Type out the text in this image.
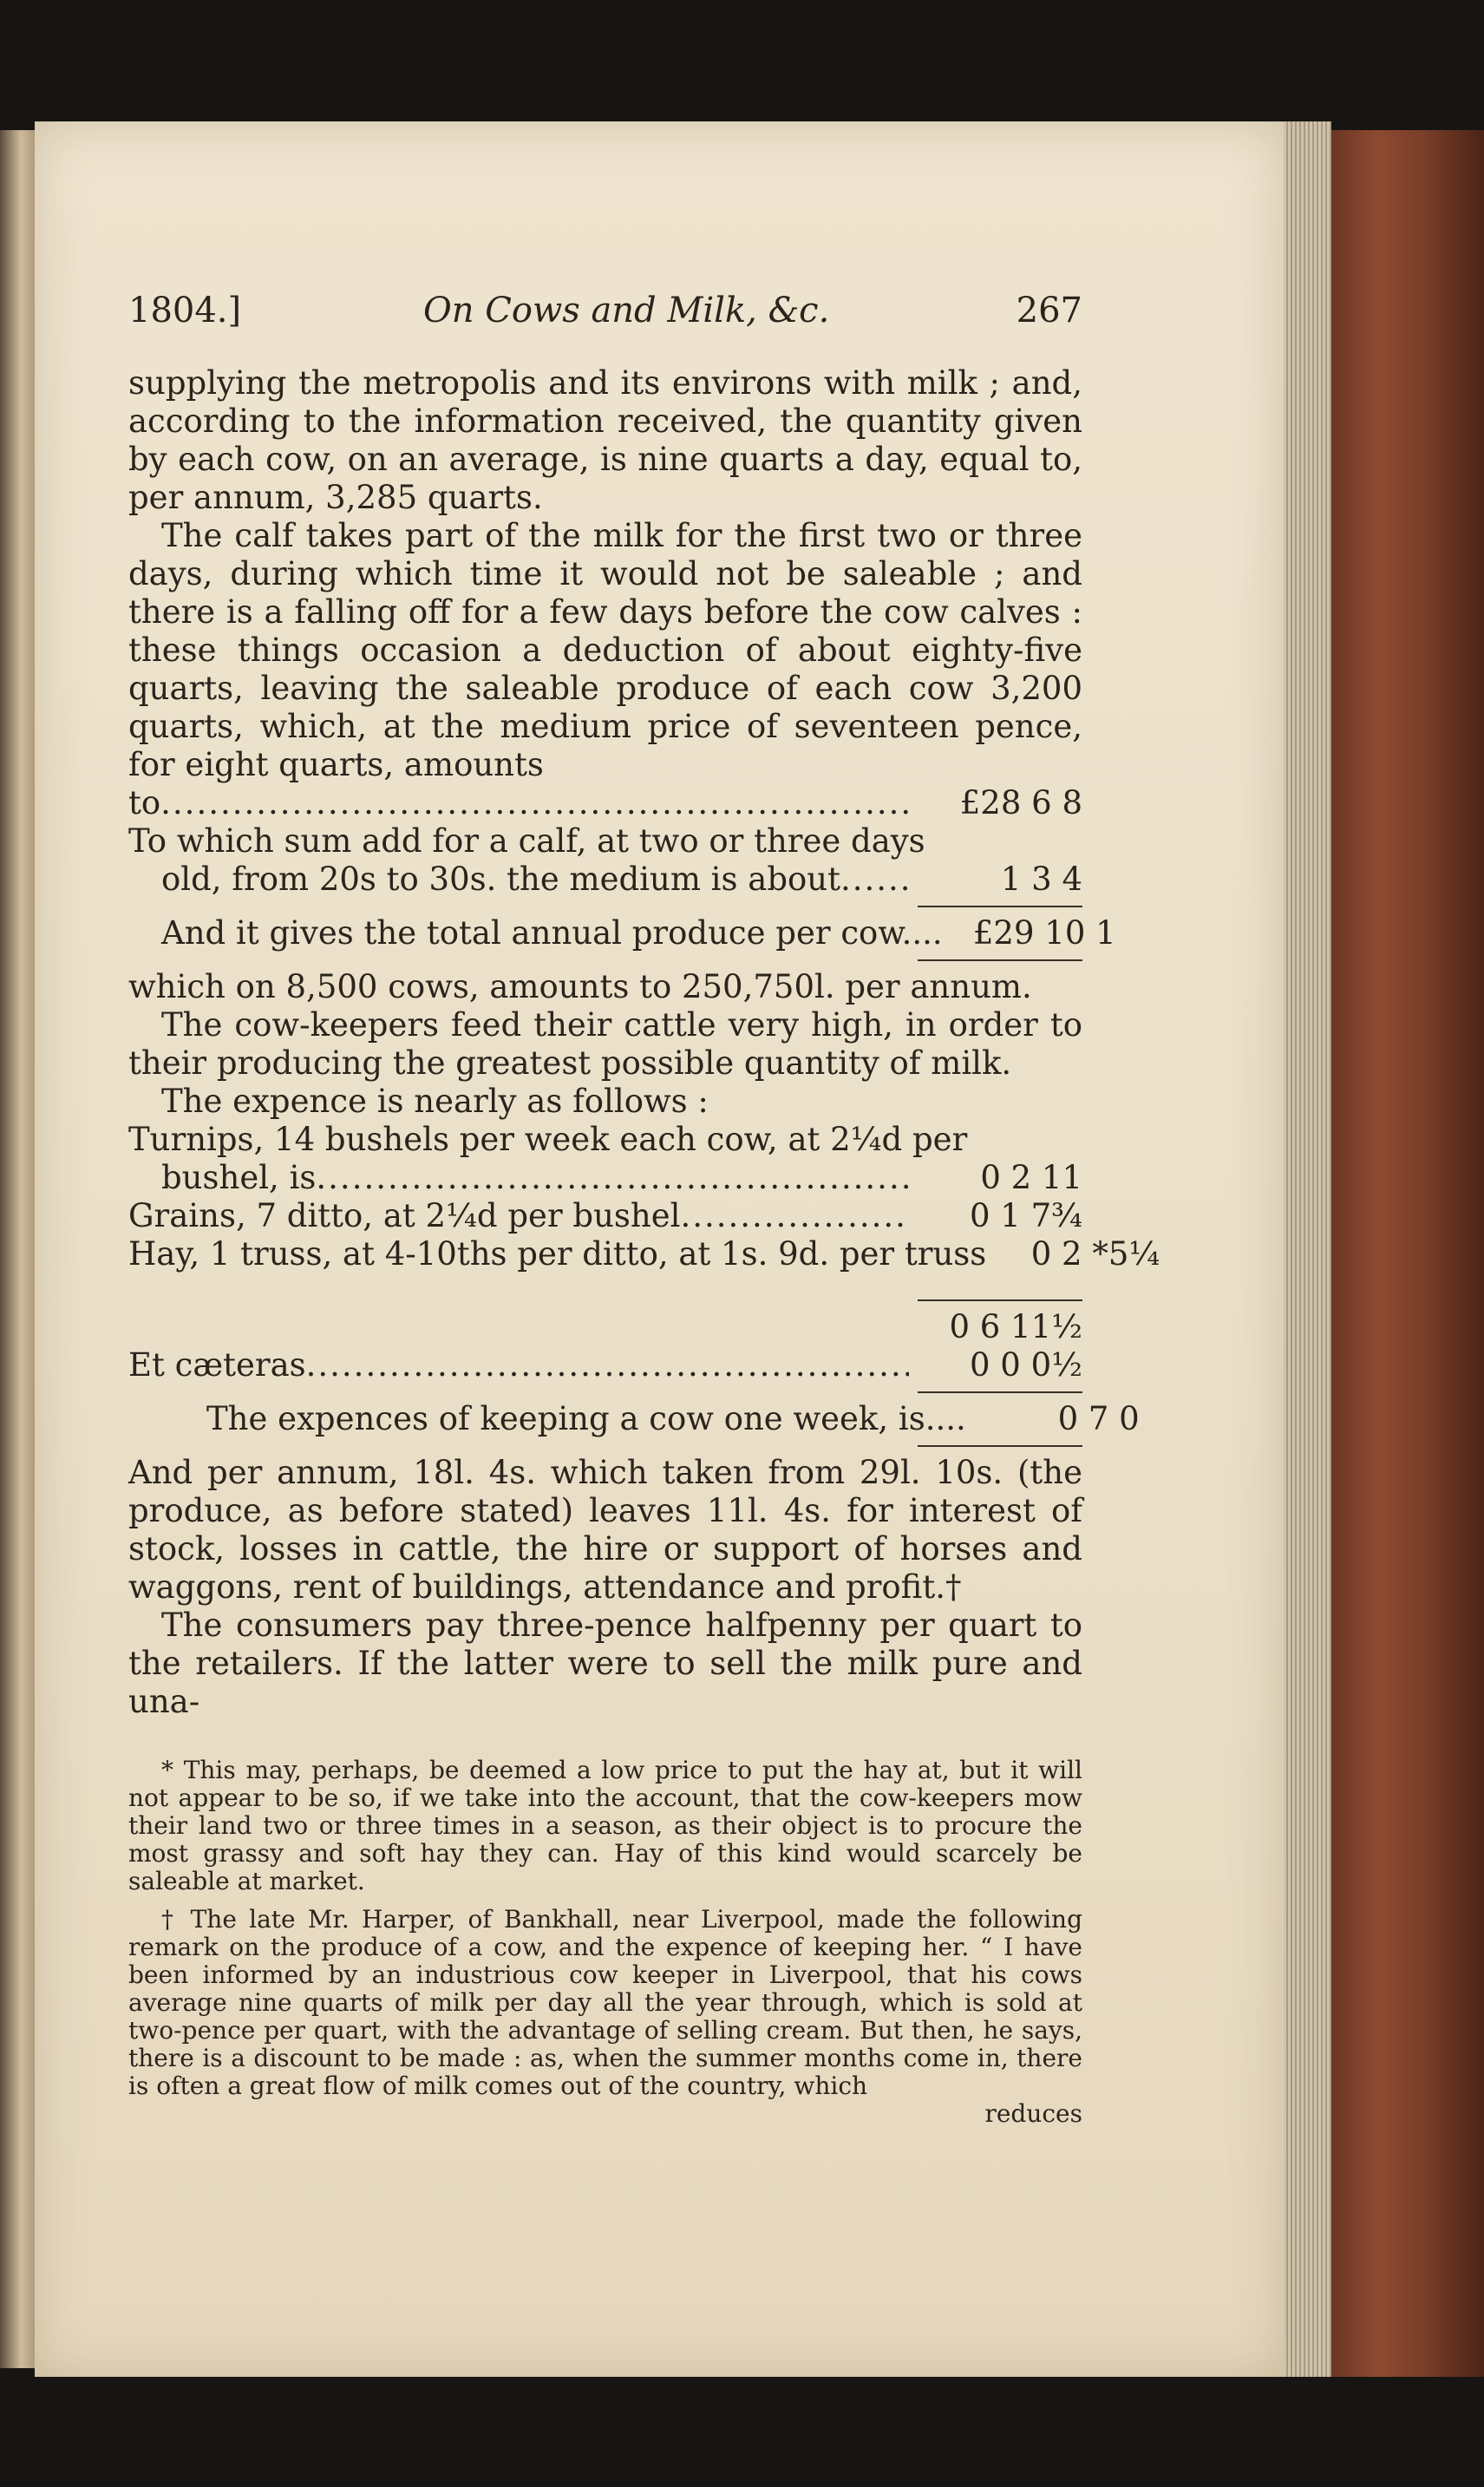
1804.]	On Cows and Milk, &c.	267

supplying the metropolis and its environs with milk ; and, according to the information received, the quantity given by each cow, on an average, is nine quarts a day, equal to, per annum, 3,285 quarts.

The calf takes part of the milk for the first two or three days, during which time it would not be saleable ; and there is a falling off for a few days before the cow calves : these things occasion a deduction of about eighty-five quarts, leaving the saleable produce of each cow 3,200 quarts, which, at the medium price of seventeen pence, for eight quarts, amounts

to .....	£28 6 8
To which sum add for a calf, at two or three days
old, from 20s to 30s. the medium is about .....	1 3 4
And it gives the total annual produce per cow.... £29 10 1

which on 8,500 cows, amounts to 250,750l. per annum.

The cow-keepers feed their cattle very high, in order to their producing the greatest possible quantity of milk.

The expence is nearly as follows :

Turnips, 14 bushels per week each cow, at 2¼d per
bushel, is .....	0 2 11
Grains, 7 ditto, at 2¼d per bushel .....	0 1 7¾
Hay, 1 truss, at 4-10ths per ditto, at 1s. 9d. per truss	0 2 *5¼
0 6 11½
Et cæteras .....	0 0 0½
The expences of keeping a cow one week, is....	0 7 0

And per annum, 18l. 4s. which taken from 29l. 10s. (the produce, as before stated) leaves 11l. 4s. for interest of stock, losses in cattle, the hire or support of horses and waggons, rent of buildings, attendance and profit.†

The consumers pay three-pence halfpenny per quart to the retailers. If the latter were to sell the milk pure and una-

* This may, perhaps, be deemed a low price to put the hay at, but it will not appear to be so, if we take into the account, that the cow-keepers mow their land two or three times in a season, as their object is to procure the most grassy and soft hay they can. Hay of this kind would scarcely be saleable at market.

† The late Mr. Harper, of Bankhall, near Liverpool, made the following remark on the produce of a cow, and the expence of keeping her. “ I have been informed by an industrious cow keeper in Liverpool, that his cows average nine quarts of milk per day all the year through, which is sold at two-pence per quart, with the advantage of selling cream. But then, he says, there is a discount to be made : as, when the summer months come in, there is often a great flow of milk comes out of the country, which

reduces
